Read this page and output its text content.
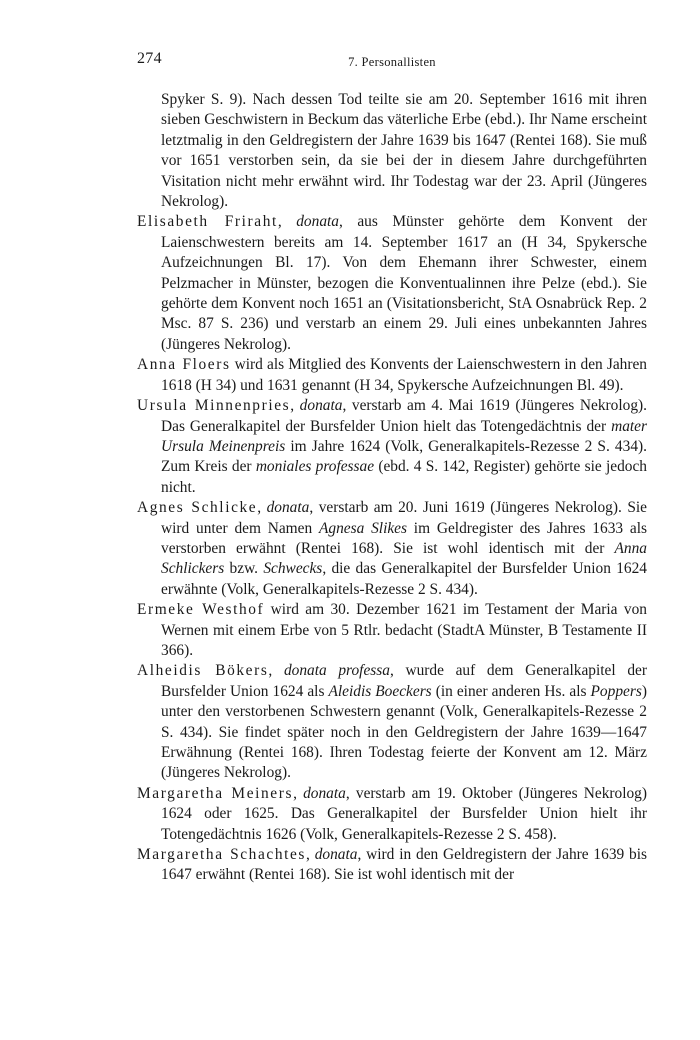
274	7. Personallisten

Spyker S. 9). Nach dessen Tod teilte sie am 20. September 1616 mit ihren sieben Geschwistern in Beckum das väterliche Erbe (ebd.). Ihr Name erscheint letztmalig in den Geldregistern der Jahre 1639 bis 1647 (Rentei 168). Sie muß vor 1651 verstorben sein, da sie bei der in diesem Jahre durchgeführten Visitation nicht mehr erwähnt wird. Ihr Todestag war der 23. April (Jüngeres Nekrolog).

Elisabeth Friraht, donata, aus Münster gehörte dem Konvent der Laienschwestern bereits am 14. September 1617 an (H 34, Spykersche Aufzeichnungen Bl. 17). Von dem Ehemann ihrer Schwester, einem Pelzmacher in Münster, bezogen die Konventualinnen ihre Pelze (ebd.). Sie gehörte dem Konvent noch 1651 an (Visitationsbericht, StA Osnabrück Rep. 2 Msc. 87 S. 236) und verstarb an einem 29. Juli eines unbekannten Jahres (Jüngeres Nekrolog).

Anna Floers wird als Mitglied des Konvents der Laienschwestern in den Jahren 1618 (H 34) und 1631 genannt (H 34, Spykersche Aufzeichnungen Bl. 49).

Ursula Minnenpries, donata, verstarb am 4. Mai 1619 (Jüngeres Nekrolog). Das Generalkapitel der Bursfelder Union hielt das Totengedächtnis der mater Ursula Meinenpreis im Jahre 1624 (Volk, Generalkapitels-Rezesse 2 S. 434). Zum Kreis der moniales professae (ebd. 4 S. 142, Register) gehörte sie jedoch nicht.

Agnes Schlicke, donata, verstarb am 20. Juni 1619 (Jüngeres Nekrolog). Sie wird unter dem Namen Agnesa Slikes im Geldregister des Jahres 1633 als verstorben erwähnt (Rentei 168). Sie ist wohl identisch mit der Anna Schlickers bzw. Schwecks, die das Generalkapitel der Bursfelder Union 1624 erwähnte (Volk, Generalkapitels-Rezesse 2 S. 434).

Ermeke Westhof wird am 30. Dezember 1621 im Testament der Maria von Wernen mit einem Erbe von 5 Rtlr. bedacht (StadtA Münster, B Testamente II 366).

Alheidis Bökers, donata professa, wurde auf dem Generalkapitel der Bursfelder Union 1624 als Aleidis Boeckers (in einer anderen Hs. als Poppers) unter den verstorbenen Schwestern genannt (Volk, Generalkapitels-Rezesse 2 S. 434). Sie findet später noch in den Geldregistern der Jahre 1639—1647 Erwähnung (Rentei 168). Ihren Todestag feierte der Konvent am 12. März (Jüngeres Nekrolog).

Margaretha Meiners, donata, verstarb am 19. Oktober (Jüngeres Nekrolog) 1624 oder 1625. Das Generalkapitel der Bursfelder Union hielt ihr Totengedächtnis 1626 (Volk, Generalkapitels-Rezesse 2 S. 458).

Margaretha Schachtes, donata, wird in den Geldregistern der Jahre 1639 bis 1647 erwähnt (Rentei 168). Sie ist wohl identisch mit der
